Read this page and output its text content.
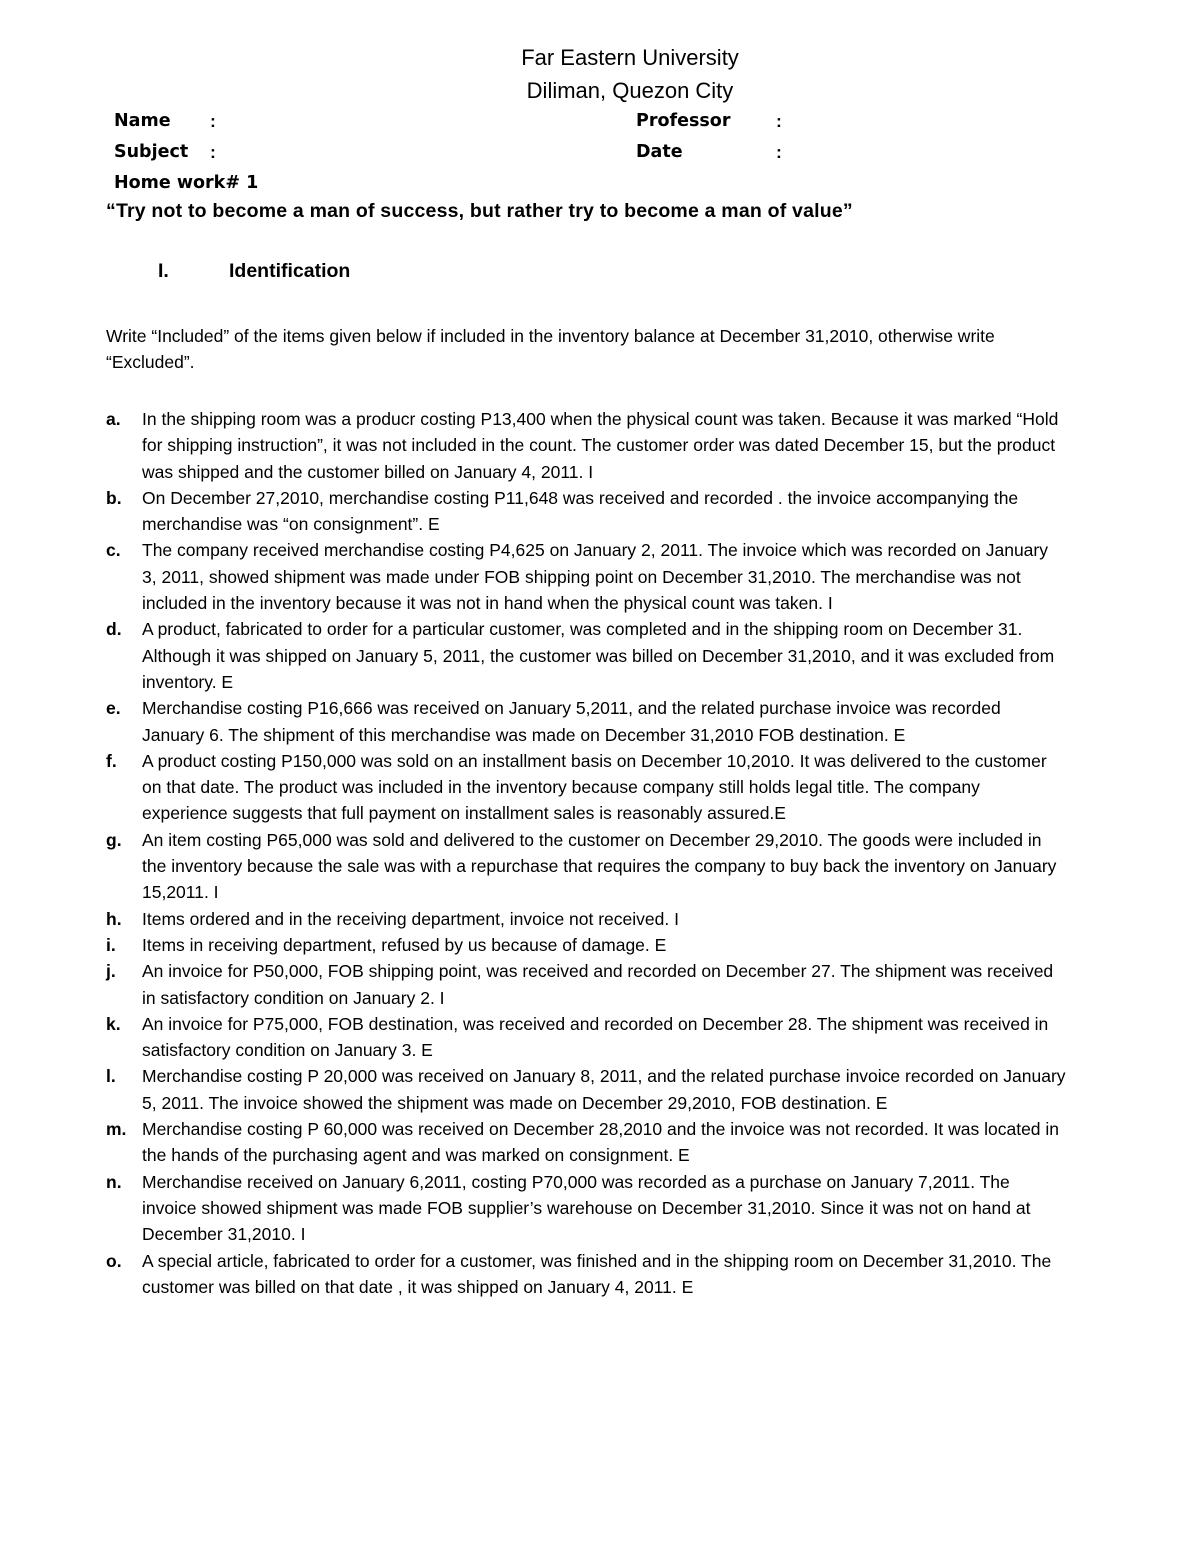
Far Eastern University
Diliman, Quezon City
Name :	Professor	:
Subject :	Date	:
Home work# 1
“Try not to become a man of success, but rather try to become a man of value”
I.	Identification
Write “Included” of the items given below if included in the inventory balance at December 31,2010, otherwise write “Excluded”.
a. In the shipping room was a producr costing P13,400 when the physical count was taken. Because it was marked “Hold for shipping instruction”, it was not included in the count. The customer order was dated December 15, but the product was shipped and the customer billed on January 4, 2011. I
b. On December 27,2010, merchandise costing P11,648 was received and recorded . the invoice accompanying the merchandise was “on consignment”. E
c. The company received merchandise costing P4,625 on January 2, 2011. The invoice which was recorded on January 3, 2011, showed shipment was made under FOB shipping point on December 31,2010. The merchandise was not included in the inventory because it was not in hand when the physical count was taken. I
d. A product, fabricated to order for a particular customer, was completed and in the shipping room on December 31. Although it was shipped on January 5, 2011, the customer was billed on December 31,2010, and it was excluded from inventory. E
e. Merchandise costing P16,666 was received on January 5,2011, and the related purchase invoice was recorded January 6. The shipment of this merchandise was made on December 31,2010 FOB destination. E
f. A product costing P150,000 was sold on an installment basis on December 10,2010. It was delivered to the customer on that date. The product was included in the inventory because company still holds legal title. The company experience suggests that full payment on installment sales is reasonably assured.E
g. An item costing P65,000 was sold and delivered to the customer on December 29,2010. The goods were included in the inventory because the sale was with a repurchase that requires the company to buy back the inventory on January 15,2011. I
h. Items ordered and in the receiving department, invoice not received. I
i. Items in receiving department, refused by us because of damage. E
j. An invoice for P50,000, FOB shipping point, was received and recorded on December 27. The shipment was received in satisfactory condition on January 2. I
k. An invoice for P75,000, FOB destination, was received and recorded on December 28. The shipment was received in satisfactory condition on January 3. E
l. Merchandise costing P 20,000 was received on January 8, 2011, and the related purchase invoice recorded on January 5, 2011. The invoice showed the shipment was made on December 29,2010, FOB destination. E
m. Merchandise costing P 60,000 was received on December 28,2010 and the invoice was not recorded. It was located in the hands of the purchasing agent and was marked on consignment. E
n. Merchandise received on January 6,2011, costing P70,000 was recorded as a purchase on January 7,2011. The invoice showed shipment was made FOB supplier’s warehouse on December 31,2010. Since it was not on hand at December 31,2010. I
o. A special article, fabricated to order for a customer, was finished and in the shipping room on December 31,2010. The customer was billed on that date , it was shipped on January 4, 2011. E
